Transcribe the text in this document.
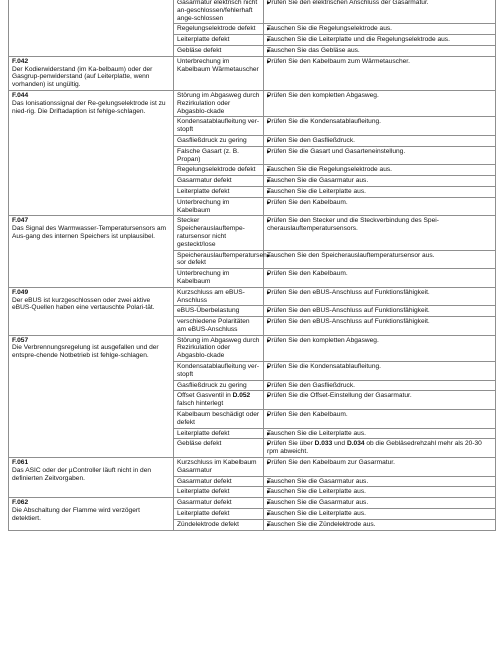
	Gasarmatur elektrisch nicht an-geschlossen/fehlerhaft ange-schlossen	▶ Prüfen Sie den elektrischen Anschluss der Gasarmatur.
	Regelungselektrode defekt	▶ Tauschen Sie die Regelungselektrode aus.
	Leiterplatte defekt	▶ Tauschen Sie die Leiterplatte und die Regelungselektrode aus.
	Gebläse defekt	▶ Tauschen Sie das Gebläse aus.

F.042
Der Kodierwiderstand (im Ka-belbaum) oder der Gasgrup-penwiderstand (auf Leiterplatte, wenn vorhanden) ist ungültig.	Unterbrechung im Kabelbaum Wärmetauscher	▶ Prüfen Sie den Kabelbaum zum Wärmetauscher.

F.044
Das Ionisationssignal der Re-gelungselektrode ist zu nied-rig. Die Driftadaption ist fehlge-schlagen.	Störung im Abgasweg durch Rezirkulation oder Abgasblo-ckade	▶ Prüfen Sie den kompletten Abgasweg.
	Kondensatablaufleitung ver-stopft	▶ Prüfen Sie die Kondensatablaufleitung.
	Gasfließdruck zu gering	▶ Prüfen Sie den Gasfließdruck.
	Falsche Gasart (z. B. Propan)	▶ Prüfen Sie die Gasart und Gasarteneinstellung.
	Regelungselektrode defekt	▶ Tauschen Sie die Regelungselektrode aus.
	Gasarmatur defekt	▶ Tauschen Sie die Gasarmatur aus.
	Leiterplatte defekt	▶ Tauschen Sie die Leiterplatte aus.
	Unterbrechung im Kabelbaum	▶ Prüfen Sie den Kabelbaum.

F.047
Das Signal des Warmwasser-Temperatursensors am Aus-gang des internen Speichers ist unplausibel.	Stecker Speicherauslauftempe-ratursensor nicht gesteckt/lose	▶ Prüfen Sie den Stecker und die Steckverbindung des Spei-cherauslauftemperatursensors.
	Speicherauslauftemperatursen-sor defekt	▶ Tauschen Sie den Speicherauslauftemperatursensor aus.
	Unterbrechung im Kabelbaum	▶ Prüfen Sie den Kabelbaum.

F.049
Der eBUS ist kurzgeschlossen oder zwei aktive eBUS-Quellen haben eine vertauschte Polari-tät.	Kurzschluss am eBUS-Anschluss	▶ Prüfen Sie den eBUS-Anschluss auf Funktionsfähigkeit.
	eBUS-Überbelastung	▶ Prüfen Sie den eBUS-Anschluss auf Funktionsfähigkeit.
	verschiedene Polaritäten am eBUS-Anschluss	▶ Prüfen Sie den eBUS-Anschluss auf Funktionsfähigkeit.

F.057
Die Verbrennungsregelung ist ausgefallen und der entspre-chende Notbetrieb ist fehlge-schlagen.	Störung im Abgasweg durch Rezirkulation oder Abgasblo-ckade	▶ Prüfen Sie den kompletten Abgasweg.
	Kondensatablaufleitung ver-stopft	▶ Prüfen Sie die Kondensatablaufleitung.
	Gasfließdruck zu gering	▶ Prüfen Sie den Gasfließdruck.
	Offset Gasventil in D.052 falsch hinterlegt	▶ Prüfen Sie die Offset-Einstellung der Gasarmatur.
	Kabelbaum beschädigt oder defekt	▶ Prüfen Sie den Kabelbaum.
	Leiterplatte defekt	▶ Tauschen Sie die Leiterplatte aus.
	Gebläse defekt	▶ Prüfen Sie über D.033 und D.034 ob die Gebläsedrehzahl mehr als 20-30 rpm abweicht.

F.061
Das ASIC oder der µController läuft nicht in den definierten Zeitvorgaben.	Kurzschluss im Kabelbaum Gasarmatur	▶ Prüfen Sie den Kabelbaum zur Gasarmatur.
	Gasarmatur defekt	▶ Tauschen Sie die Gasarmatur aus.
	Leiterplatte defekt	▶ Tauschen Sie die Leiterplatte aus.

F.062
Die Abschaltung der Flamme wird verzögert detektiert.	Gasarmatur defekt	▶ Tauschen Sie die Gasarmatur aus.
	Leiterplatte defekt	▶ Tauschen Sie die Leiterplatte aus.
	Zündelektrode defekt	▶ Tauschen Sie die Zündelektrode aus.
